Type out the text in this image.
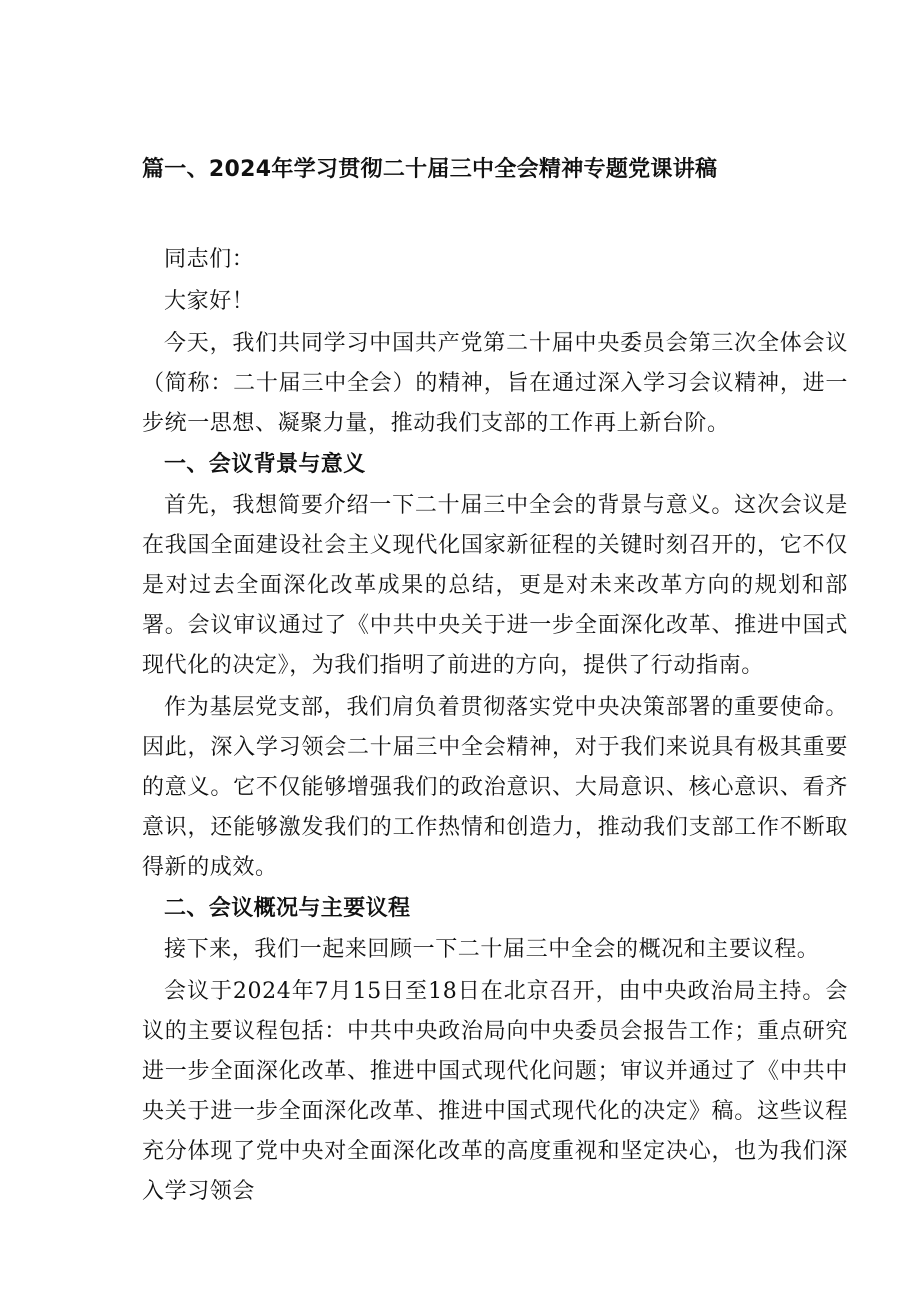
篇一、2024年学习贯彻二十届三中全会精神专题党课讲稿

同志们：

大家好！

今天，我们共同学习中国共产党第二十届中央委员会第三次全体会议（简称：二十届三中全会）的精神，旨在通过深入学习会议精神，进一步统一思想、凝聚力量，推动我们支部的工作再上新台阶。

一、会议背景与意义

首先，我想简要介绍一下二十届三中全会的背景与意义。这次会议是在我国全面建设社会主义现代化国家新征程的关键时刻召开的，它不仅是对过去全面深化改革成果的总结，更是对未来改革方向的规划和部署。会议审议通过了《中共中央关于进一步全面深化改革、推进中国式现代化的决定》，为我们指明了前进的方向，提供了行动指南。

作为基层党支部，我们肩负着贯彻落实党中央决策部署的重要使命。因此，深入学习领会二十届三中全会精神，对于我们来说具有极其重要的意义。它不仅能够增强我们的政治意识、大局意识、核心意识、看齐意识，还能够激发我们的工作热情和创造力，推动我们支部工作不断取得新的成效。

二、会议概况与主要议程

接下来，我们一起来回顾一下二十届三中全会的概况和主要议程。

会议于2024年7月15日至18日在北京召开，由中央政治局主持。会议的主要议程包括：中共中央政治局向中央委员会报告工作；重点研究进一步全面深化改革、推进中国式现代化问题；审议并通过了《中共中央关于进一步全面深化改革、推进中国式现代化的决定》稿。这些议程充分体现了党中央对全面深化改革的高度重视和坚定决心，也为我们深入学习领会
